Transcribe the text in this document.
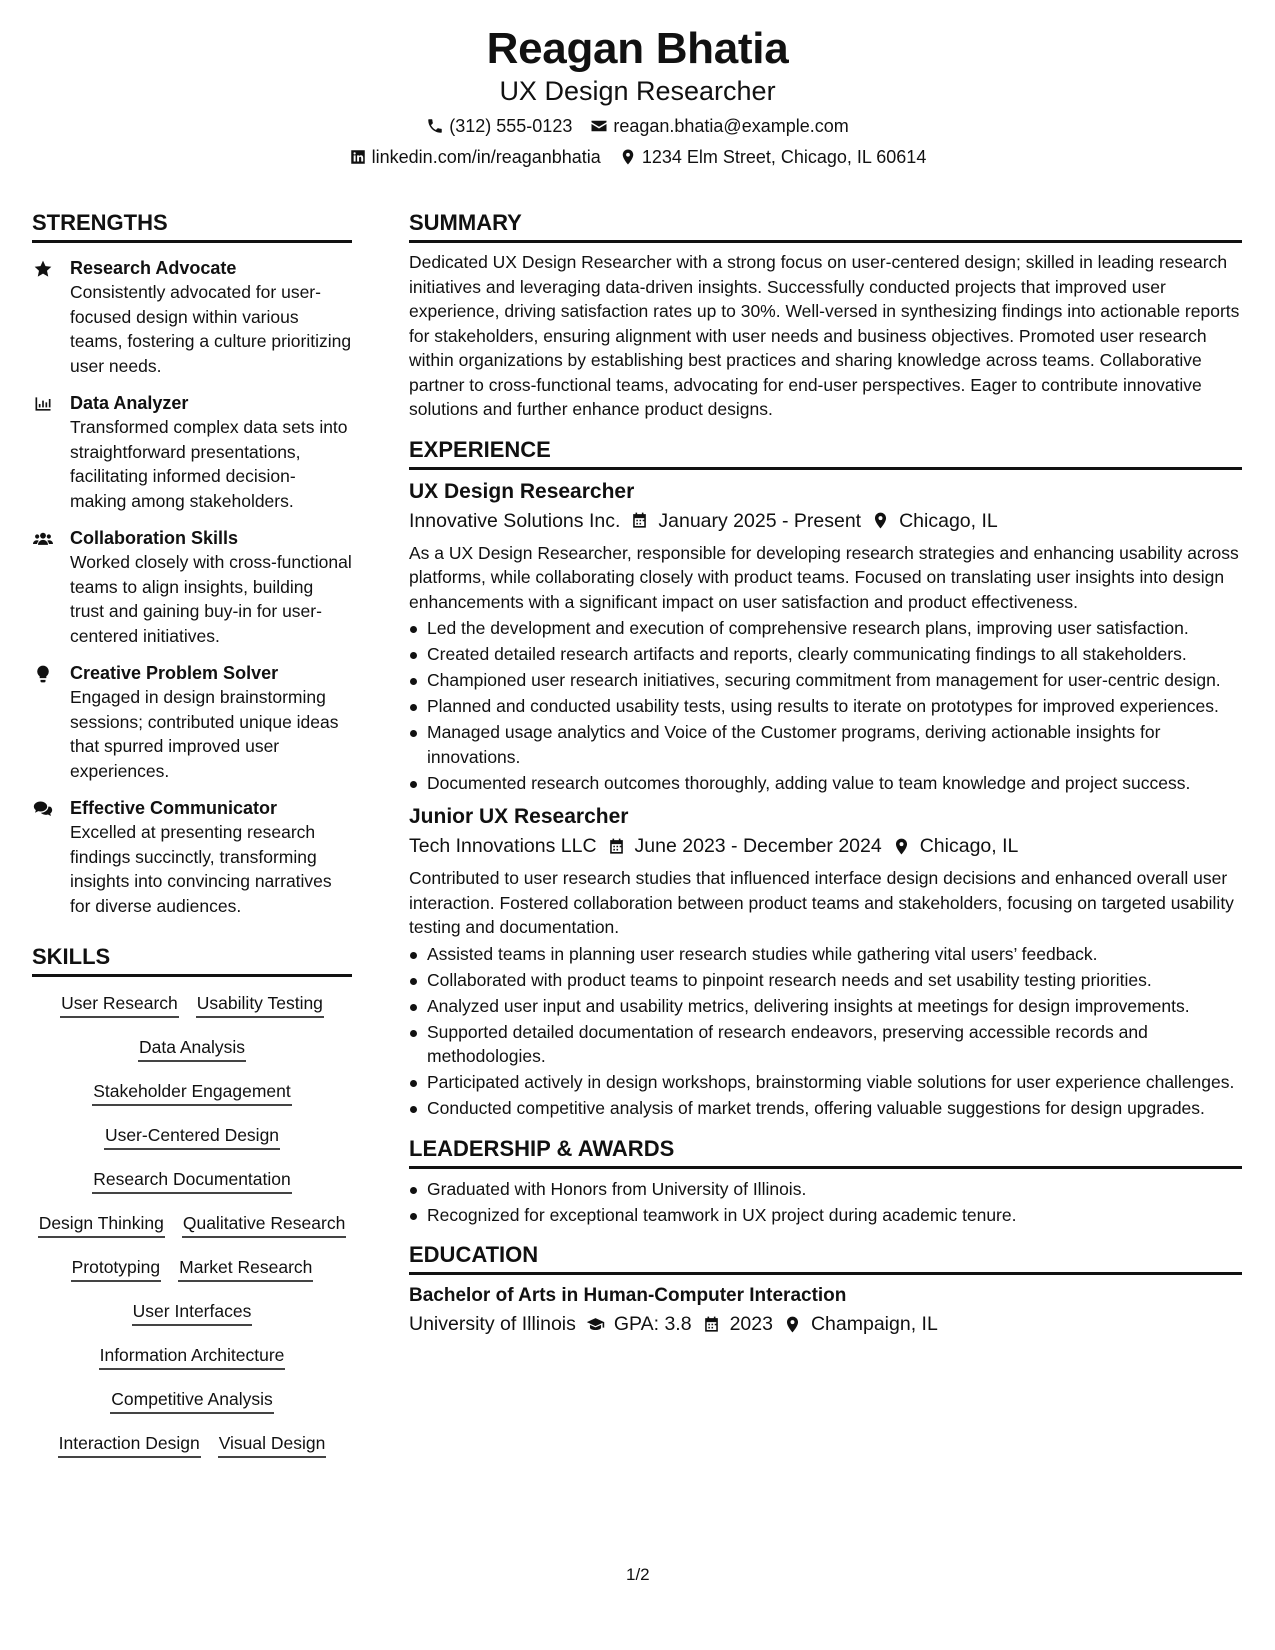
Reagan Bhatia
UX Design Researcher
(312) 555-0123 reagan.bhatia@example.com
linkedin.com/in/reaganbhatia 1234 Elm Street, Chicago, IL 60614
STRENGTHS
Research Advocate
Consistently advocated for user-focused design within various teams, fostering a culture prioritizing user needs.
Data Analyzer
Transformed complex data sets into straightforward presentations, facilitating informed decision-making among stakeholders.
Collaboration Skills
Worked closely with cross-functional teams to align insights, building trust and gaining buy-in for user-centered initiatives.
Creative Problem Solver
Engaged in design brainstorming sessions; contributed unique ideas that spurred improved user experiences.
Effective Communicator
Excelled at presenting research findings succinctly, transforming insights into convincing narratives for diverse audiences.
SKILLS
User Research Usability Testing
Data Analysis
Stakeholder Engagement
User-Centered Design
Research Documentation
Design Thinking Qualitative Research
Prototyping Market Research
User Interfaces
Information Architecture
Competitive Analysis
Interaction Design Visual Design
SUMMARY
Dedicated UX Design Researcher with a strong focus on user-centered design; skilled in leading research initiatives and leveraging data-driven insights. Successfully conducted projects that improved user experience, driving satisfaction rates up to 30%. Well-versed in synthesizing findings into actionable reports for stakeholders, ensuring alignment with user needs and business objectives. Promoted user research within organizations by establishing best practices and sharing knowledge across teams. Collaborative partner to cross-functional teams, advocating for end-user perspectives. Eager to contribute innovative solutions and further enhance product designs.
EXPERIENCE
UX Design Researcher
Innovative Solutions Inc. January 2025 - Present Chicago, IL
As a UX Design Researcher, responsible for developing research strategies and enhancing usability across platforms, while collaborating closely with product teams. Focused on translating user insights into design enhancements with a significant impact on user satisfaction and product effectiveness.
Led the development and execution of comprehensive research plans, improving user satisfaction.
Created detailed research artifacts and reports, clearly communicating findings to all stakeholders.
Championed user research initiatives, securing commitment from management for user-centric design.
Planned and conducted usability tests, using results to iterate on prototypes for improved experiences.
Managed usage analytics and Voice of the Customer programs, deriving actionable insights for innovations.
Documented research outcomes thoroughly, adding value to team knowledge and project success.
Junior UX Researcher
Tech Innovations LLC June 2023 - December 2024 Chicago, IL
Contributed to user research studies that influenced interface design decisions and enhanced overall user interaction. Fostered collaboration between product teams and stakeholders, focusing on targeted usability testing and documentation.
Assisted teams in planning user research studies while gathering vital users’ feedback.
Collaborated with product teams to pinpoint research needs and set usability testing priorities.
Analyzed user input and usability metrics, delivering insights at meetings for design improvements.
Supported detailed documentation of research endeavors, preserving accessible records and methodologies.
Participated actively in design workshops, brainstorming viable solutions for user experience challenges.
Conducted competitive analysis of market trends, offering valuable suggestions for design upgrades.
LEADERSHIP & AWARDS
Graduated with Honors from University of Illinois.
Recognized for exceptional teamwork in UX project during academic tenure.
EDUCATION
Bachelor of Arts in Human-Computer Interaction
University of Illinois GPA: 3.8 2023 Champaign, IL
1/2
